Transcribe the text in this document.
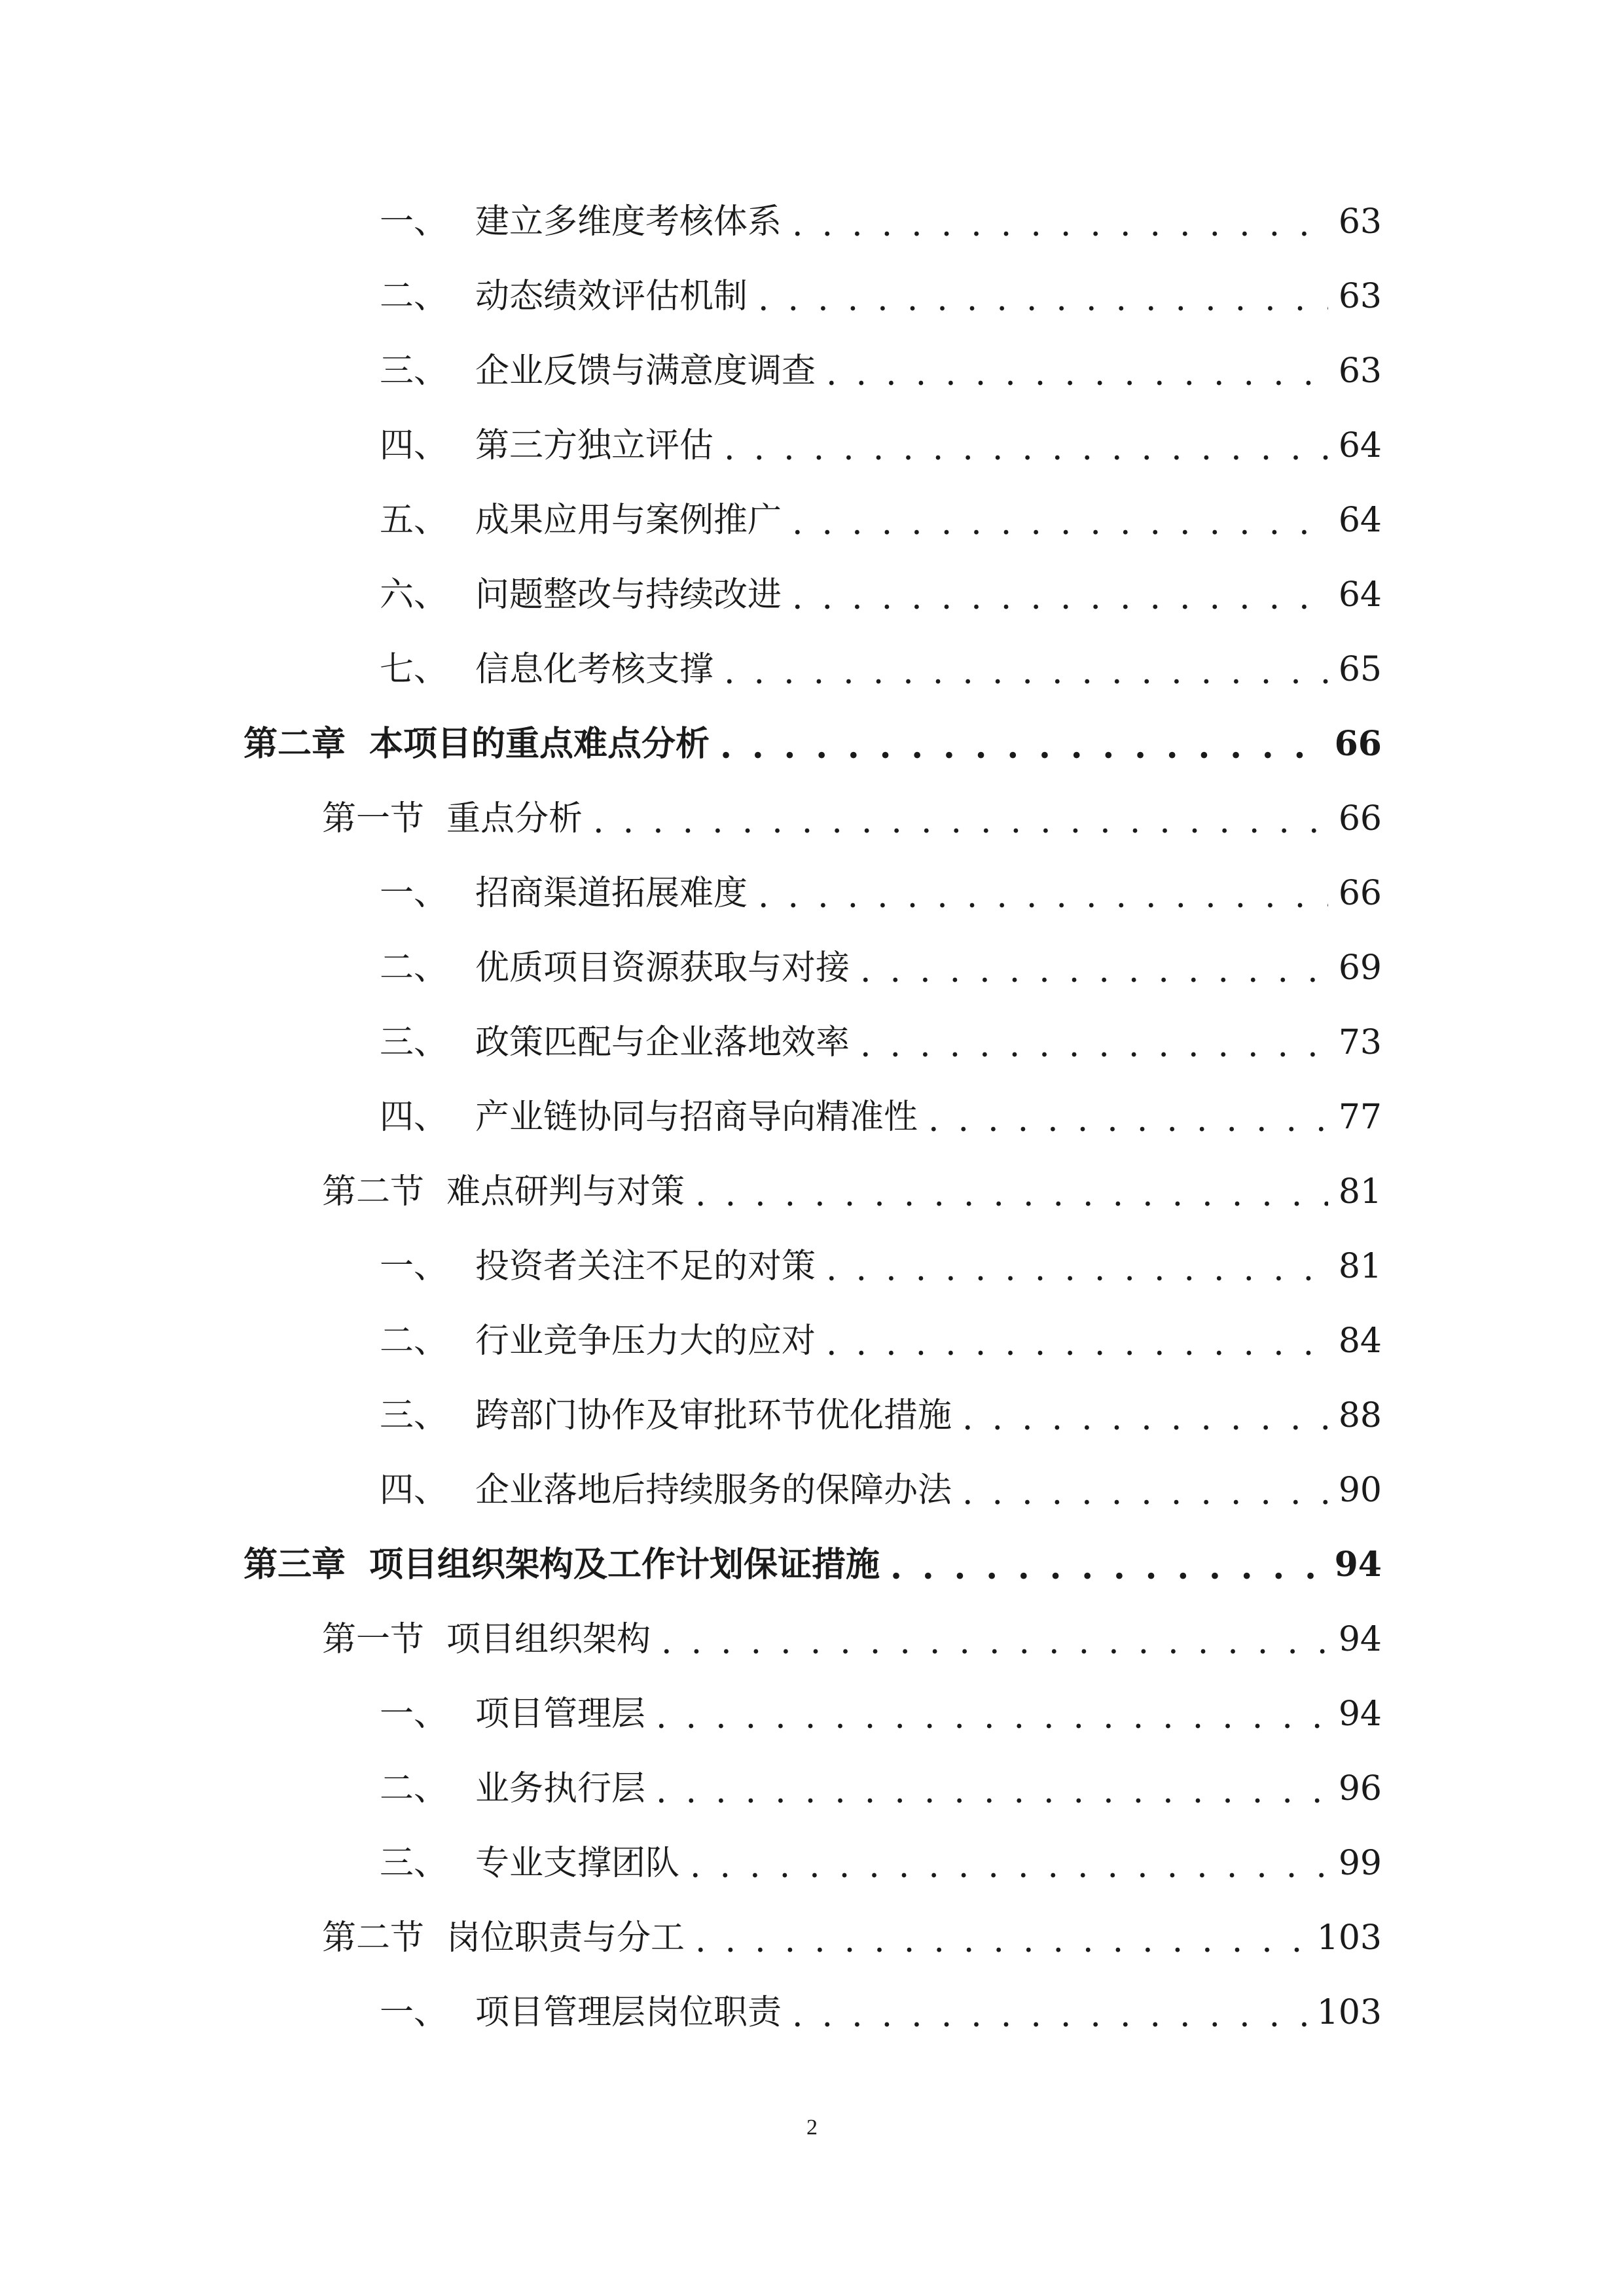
一、 建立多维度考核体系 . . .	63
二、 动态绩效评估机制 . . .	63
三、 企业反馈与满意度调查 . . .	63
四、 第三方独立评估 . . .	64
五、 成果应用与案例推广 . . .	64
六、 问题整改与持续改进 . . .	64
七、 信息化考核支撑 . . .	65
第二章 本项目的重点难点分析 . . .	66
第一节 重点分析 . . .	66
一、 招商渠道拓展难度 . . .	66
二、 优质项目资源获取与对接 . . .	69
三、 政策匹配与企业落地效率 . . .	73
四、 产业链协同与招商导向精准性 . . .	77
第二节 难点研判与对策 . . .	81
一、 投资者关注不足的对策 . . .	81
二、 行业竞争压力大的应对 . . .	84
三、 跨部门协作及审批环节优化措施 . . .	88
四、 企业落地后持续服务的保障办法 . . .	90
第三章 项目组织架构及工作计划保证措施 . . .	94
第一节 项目组织架构 . . .	94
一、 项目管理层 . . .	94
二、 业务执行层 . . .	96
三、 专业支撑团队 . . .	99
第二节 岗位职责与分工 . . .	103
一、 项目管理层岗位职责 . . .	103
2
